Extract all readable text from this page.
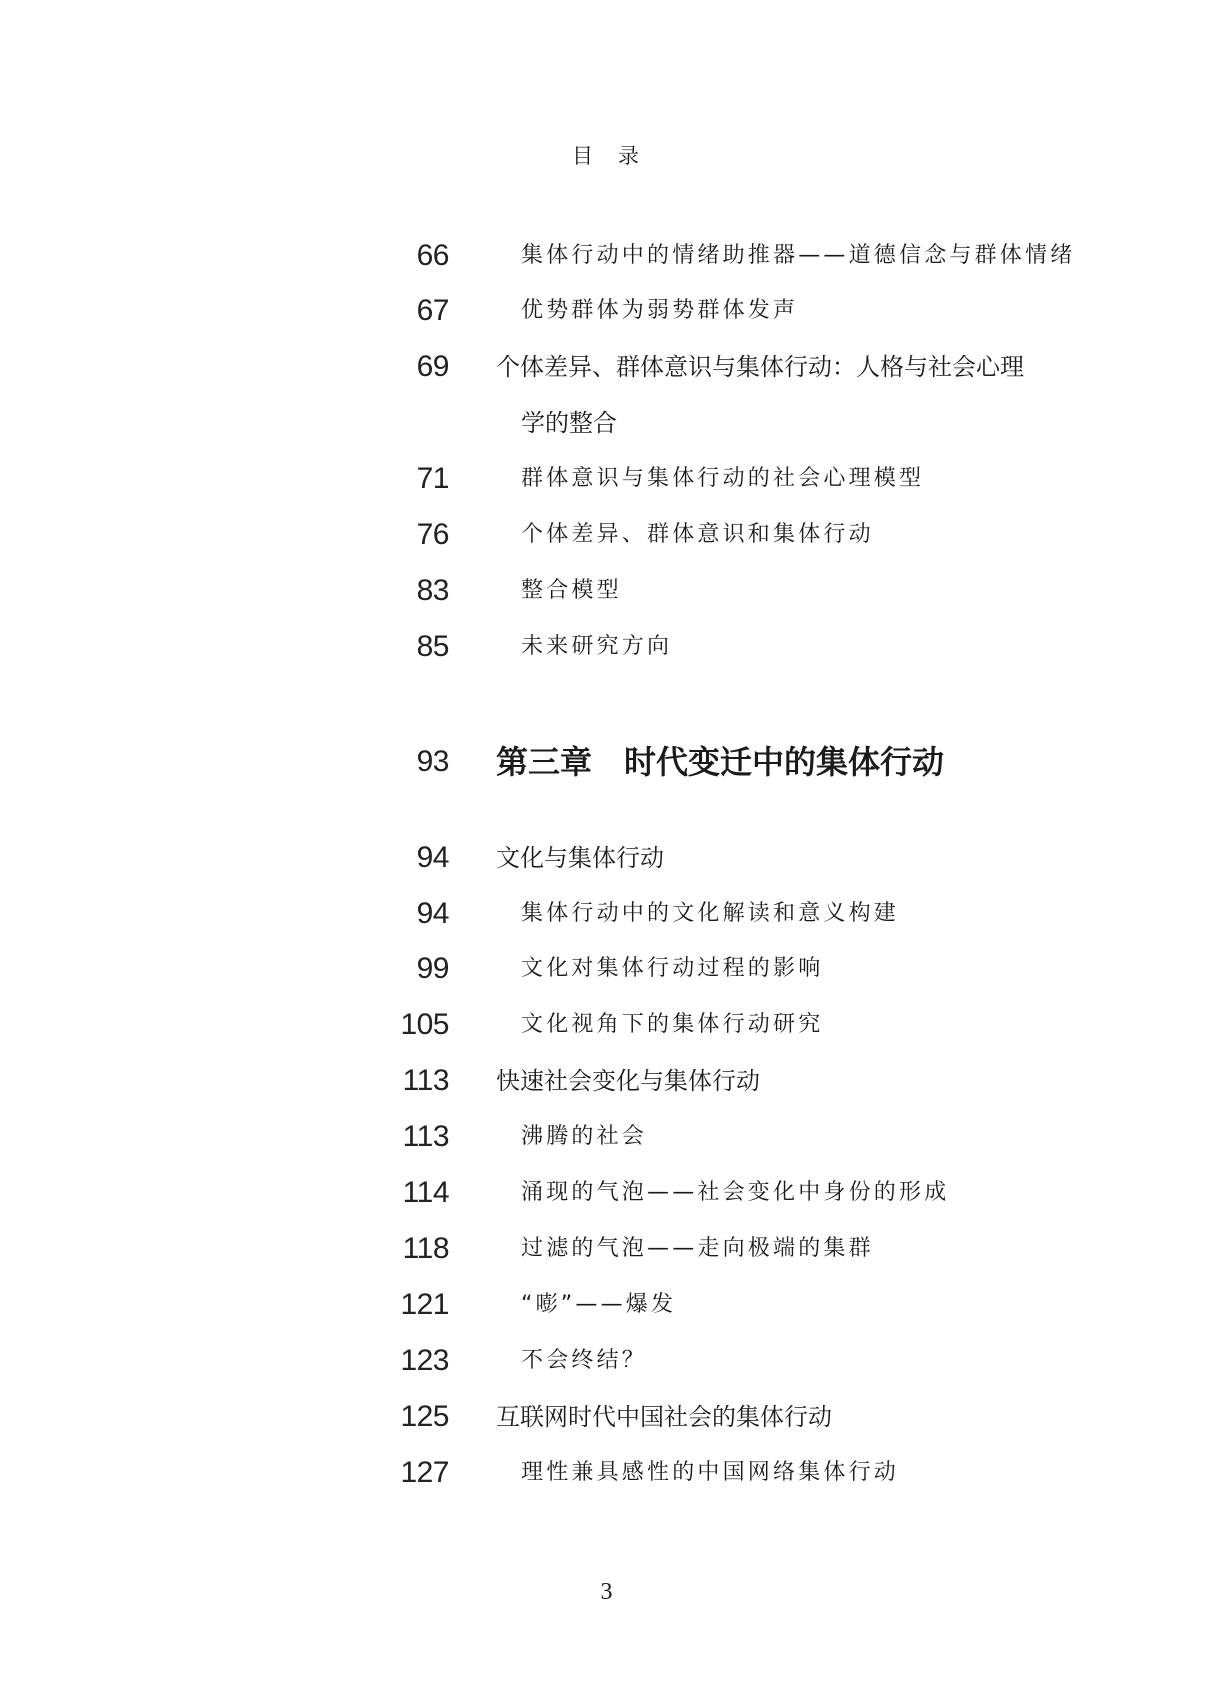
目　录
66	集体行动中的情绪助推器——道德信念与群体情绪
67	优势群体为弱势群体发声
69 个体差异、群体意识与集体行动：人格与社会心理
学的整合
71	群体意识与集体行动的社会心理模型
76	个体差异、群体意识和集体行动
83	整合模型
85	未来研究方向
93 第三章　时代变迁中的集体行动
94 文化与集体行动
94	集体行动中的文化解读和意义构建
99	文化对集体行动过程的影响
105	文化视角下的集体行动研究
113 快速社会变化与集体行动
113	沸腾的社会
114	涌现的气泡——社会变化中身份的形成
118	过滤的气泡——走向极端的集群
121	“嘭”——爆发
123	不会终结？
125 互联网时代中国社会的集体行动
127	理性兼具感性的中国网络集体行动
3
